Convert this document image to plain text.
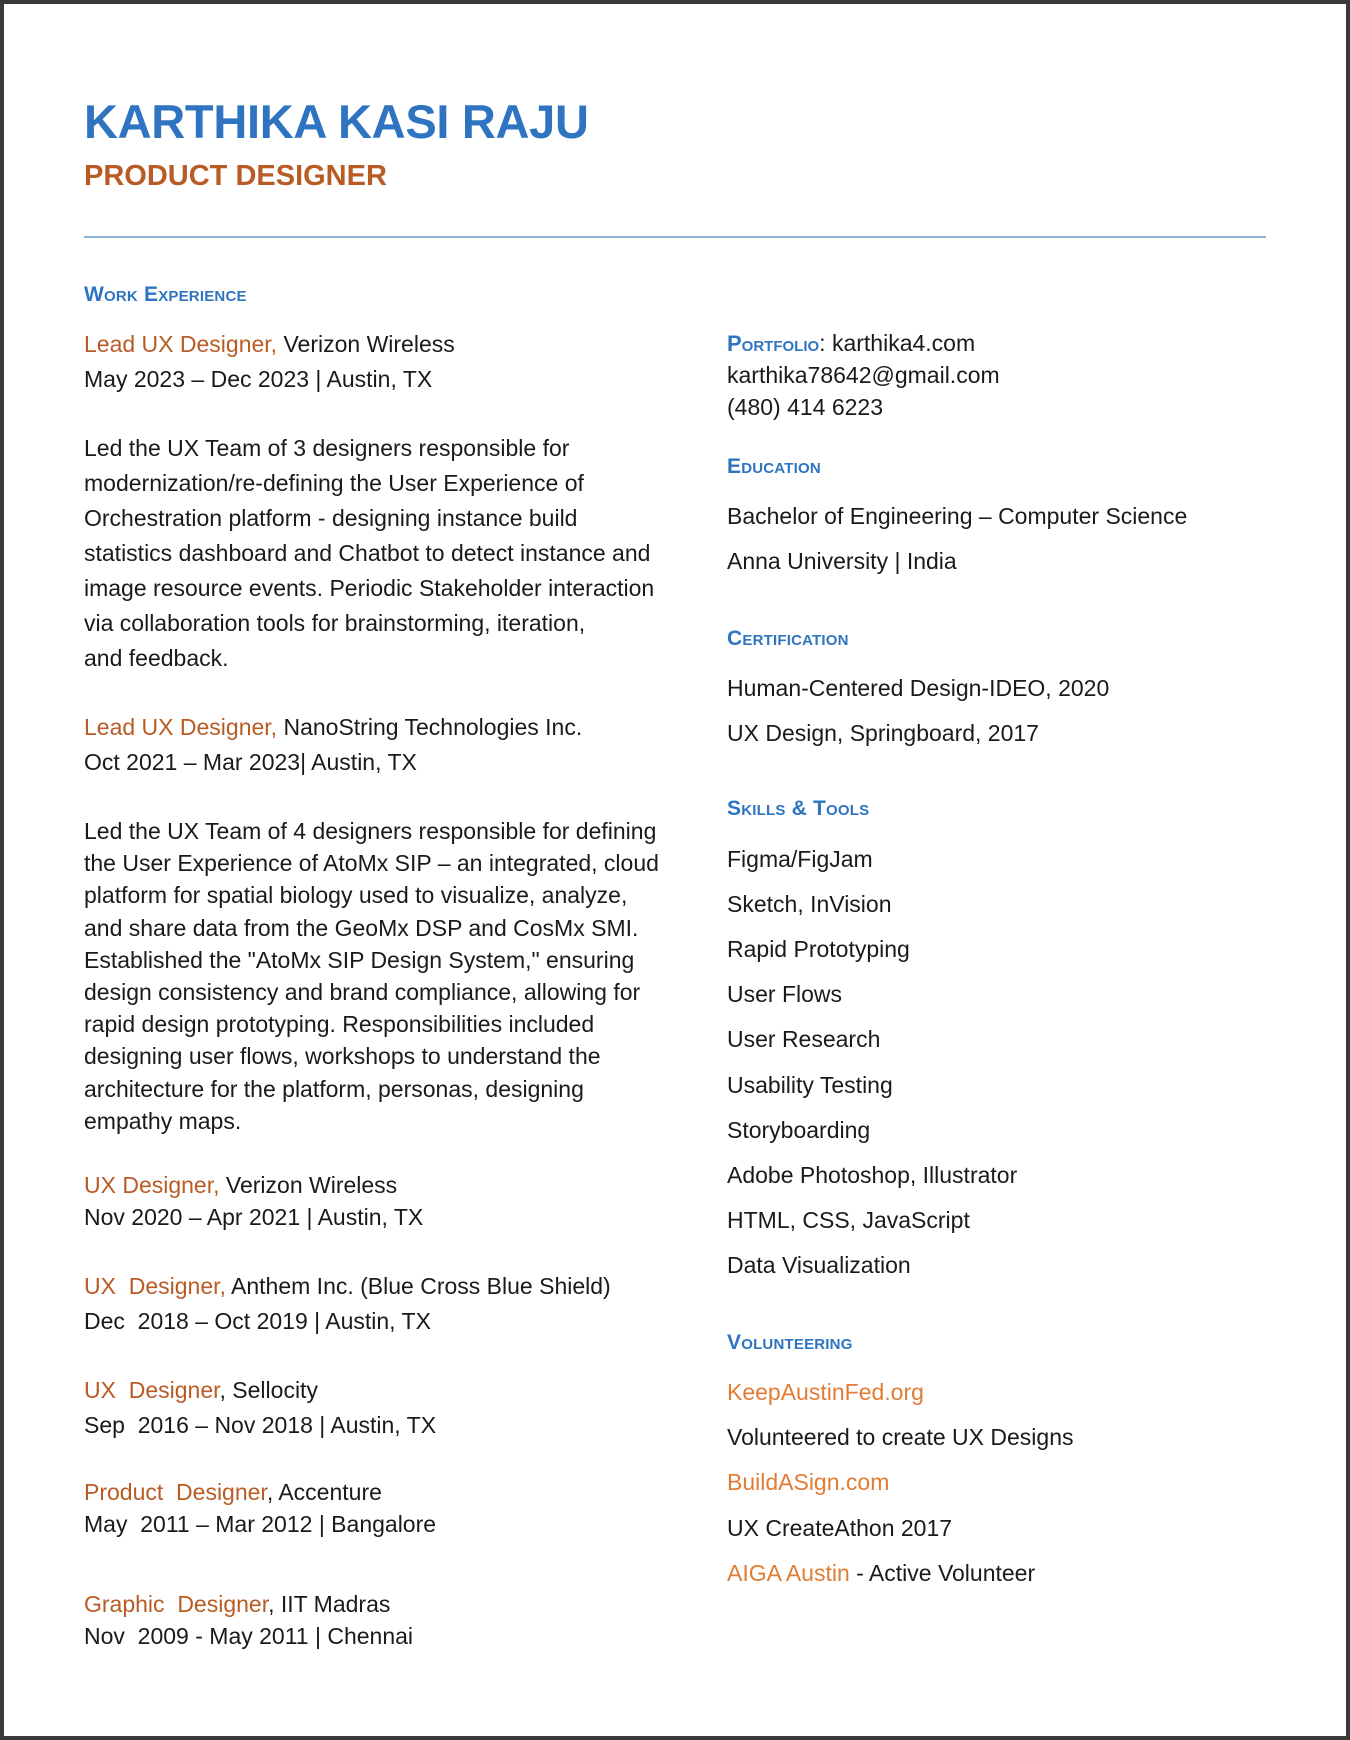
KARTHIKA KASI RAJU
PRODUCT DESIGNER
Work Experience
Lead UX Designer, Verizon Wireless
May 2023 – Dec 2023 | Austin, TX
Led the UX Team of 3 designers responsible for
modernization/re-defining the User Experience of
Orchestration platform - designing instance build
statistics dashboard and Chatbot to detect instance and
image resource events. Periodic Stakeholder interaction
via collaboration tools for brainstorming, iteration,
and feedback.
Lead UX Designer, NanoString Technologies Inc.
Oct 2021 – Mar 2023| Austin, TX
Led the UX Team of 4 designers responsible for defining
the User Experience of AtoMx SIP – an integrated, cloud
platform for spatial biology used to visualize, analyze,
and share data from the GeoMx DSP and CosMx SMI.
Established the "AtoMx SIP Design System," ensuring
design consistency and brand compliance, allowing for
rapid design prototyping. Responsibilities included
designing user flows, workshops to understand the
architecture for the platform, personas, designing
empathy maps.
UX Designer, Verizon Wireless
Nov 2020 – Apr 2021 | Austin, TX
UX  Designer, Anthem Inc. (Blue Cross Blue Shield)
Dec  2018 – Oct 2019 | Austin, TX
UX  Designer, Sellocity
Sep  2016 – Nov 2018 | Austin, TX
Product  Designer, Accenture
May  2011 – Mar 2012 | Bangalore
Graphic  Designer, IIT Madras
Nov  2009 - May 2011 | Chennai
Portfolio: karthika4.com
karthika78642@gmail.com
(480) 414 6223
Education
Bachelor of Engineering – Computer Science
Anna University | India
Certification
Human-Centered Design-IDEO, 2020
UX Design, Springboard, 2017
Skills & Tools
Figma/FigJam
Sketch, InVision
Rapid Prototyping
User Flows
User Research
Usability Testing
Storyboarding
Adobe Photoshop, Illustrator
HTML, CSS, JavaScript
Data Visualization
Volunteering
KeepAustinFed.org
Volunteered to create UX Designs
BuildASign.com
UX CreateAthon 2017
AIGA Austin - Active Volunteer
